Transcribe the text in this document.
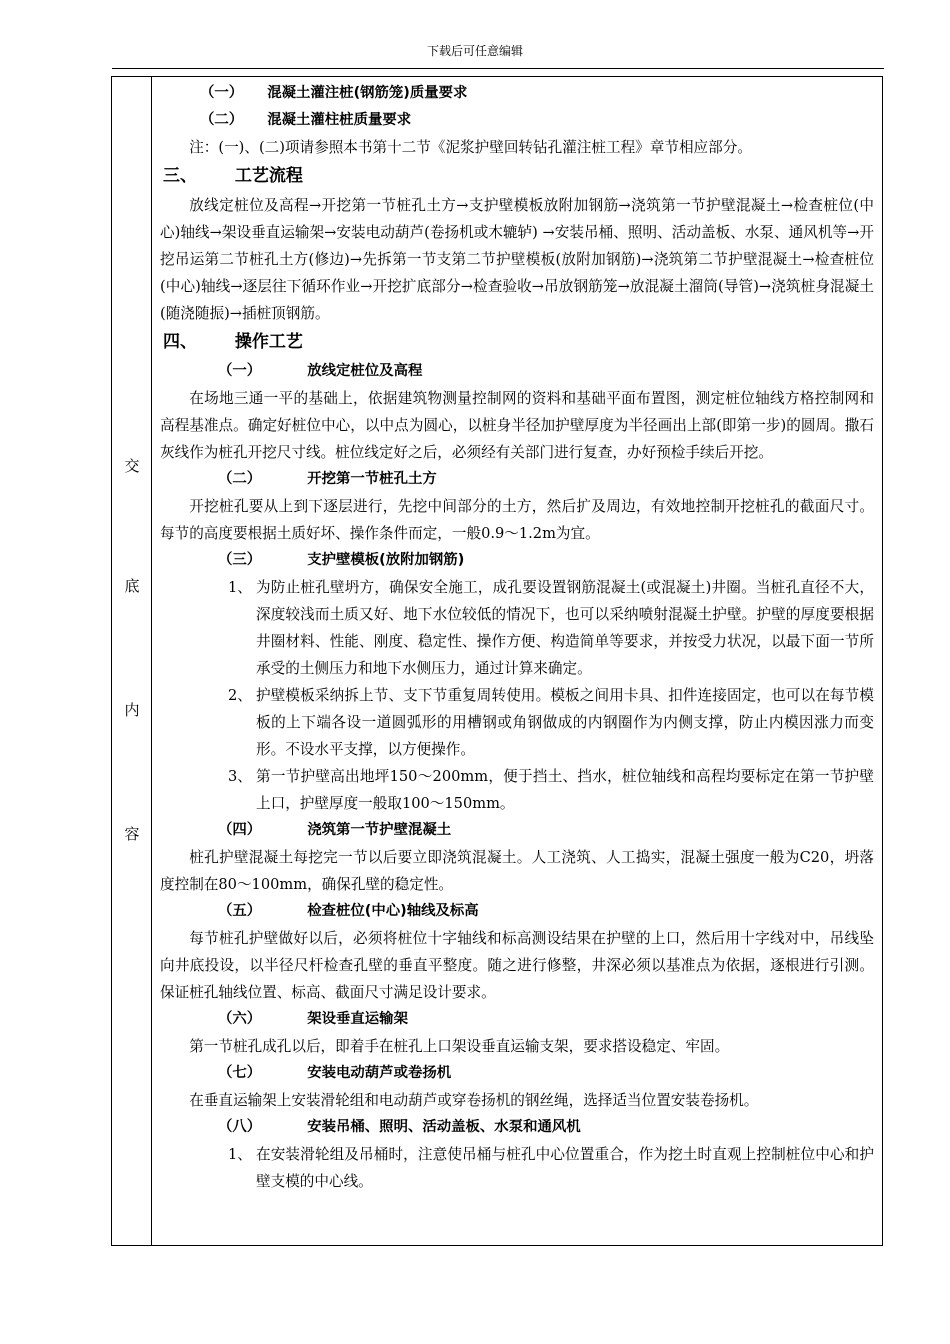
下载后可任意编辑
交
底
内
容
（一） 混凝土灌注桩(钢筋笼)质量要求
（二） 混凝土灌柱桩质量要求
注：(一)、(二)项请参照本书第十二节《泥浆护壁回转钻孔灌注桩工程》章节相应部分。
三、 工艺流程
放线定桩位及高程→开挖第一节桩孔土方→支护壁模板放附加钢筋→浇筑第一节护壁混凝土→检查桩位(中心)轴线→架设垂直运输架→安装电动葫芦(卷扬机或木辘轳) →安装吊桶、照明、活动盖板、水泵、通风机等→开挖吊运第二节桩孔土方(修边)→先拆第一节支第二节护壁模板(放附加钢筋)→浇筑第二节护壁混凝土→检查桩位(中心)轴线→逐层往下循环作业→开挖扩底部分→检查验收→吊放钢筋笼→放混凝土溜筒(导管)→浇筑桩身混凝土(随浇随振)→插桩顶钢筋。
四、 操作工艺
（一）	放线定桩位及高程
在场地三通一平的基础上，依据建筑物测量控制网的资料和基础平面布置图，测定桩位轴线方格控制网和高程基准点。确定好桩位中心，以中点为圆心，以桩身半径加护壁厚度为半径画出上部(即第一步)的圆周。撒石灰线作为桩孔开挖尺寸线。桩位线定好之后，必须经有关部门进行复查，办好预检手续后开挖。
（二）	开挖第一节桩孔土方
开挖桩孔要从上到下逐层进行，先挖中间部分的土方，然后扩及周边，有效地控制开挖桩孔的截面尺寸。每节的高度要根据土质好坏、操作条件而定，一般0.9～1.2m为宜。
（三）	支护壁模板(放附加钢筋)
1、 为防止桩孔壁坍方，确保安全施工，成孔要设置钢筋混凝土(或混凝土)井圈。当桩孔直径不大，深度较浅而土质又好、地下水位较低的情况下，也可以采纳喷射混凝土护壁。护壁的厚度要根据井圈材料、性能、刚度、稳定性、操作方便、构造简单等要求，并按受力状况，以最下面一节所承受的土侧压力和地下水侧压力，通过计算来确定。
2、 护壁模板采纳拆上节、支下节重复周转使用。模板之间用卡具、扣件连接固定，也可以在每节模板的上下端各设一道圆弧形的用槽钢或角钢做成的内钢圈作为内侧支撑，防止内模因涨力而变形。不设水平支撑，以方便操作。
3、 第一节护壁高出地坪150～200mm，便于挡土、挡水，桩位轴线和高程均要标定在第一节护壁上口，护壁厚度一般取100～150mm。
（四）	浇筑第一节护壁混凝土
桩孔护壁混凝土每挖完一节以后要立即浇筑混凝土。人工浇筑、人工捣实，混凝土强度一般为C20，坍落度控制在80～100mm，确保孔壁的稳定性。
（五）	检查桩位(中心)轴线及标高
每节桩孔护壁做好以后，必须将桩位十字轴线和标高测设结果在护壁的上口，然后用十字线对中，吊线坠向井底投设，以半径尺杆检查孔壁的垂直平整度。随之进行修整，井深必须以基准点为依据，逐根进行引测。保证桩孔轴线位置、标高、截面尺寸满足设计要求。
（六）	架设垂直运输架
第一节桩孔成孔以后，即着手在桩孔上口架设垂直运输支架，要求搭设稳定、牢固。
（七）	安装电动葫芦或卷扬机
在垂直运输架上安装滑轮组和电动葫芦或穿卷扬机的钢丝绳，选择适当位置安装卷扬机。
（八）	安装吊桶、照明、活动盖板、水泵和通风机
1、 在安装滑轮组及吊桶时，注意使吊桶与桩孔中心位置重合，作为挖土时直观上控制桩位中心和护壁支模的中心线。
